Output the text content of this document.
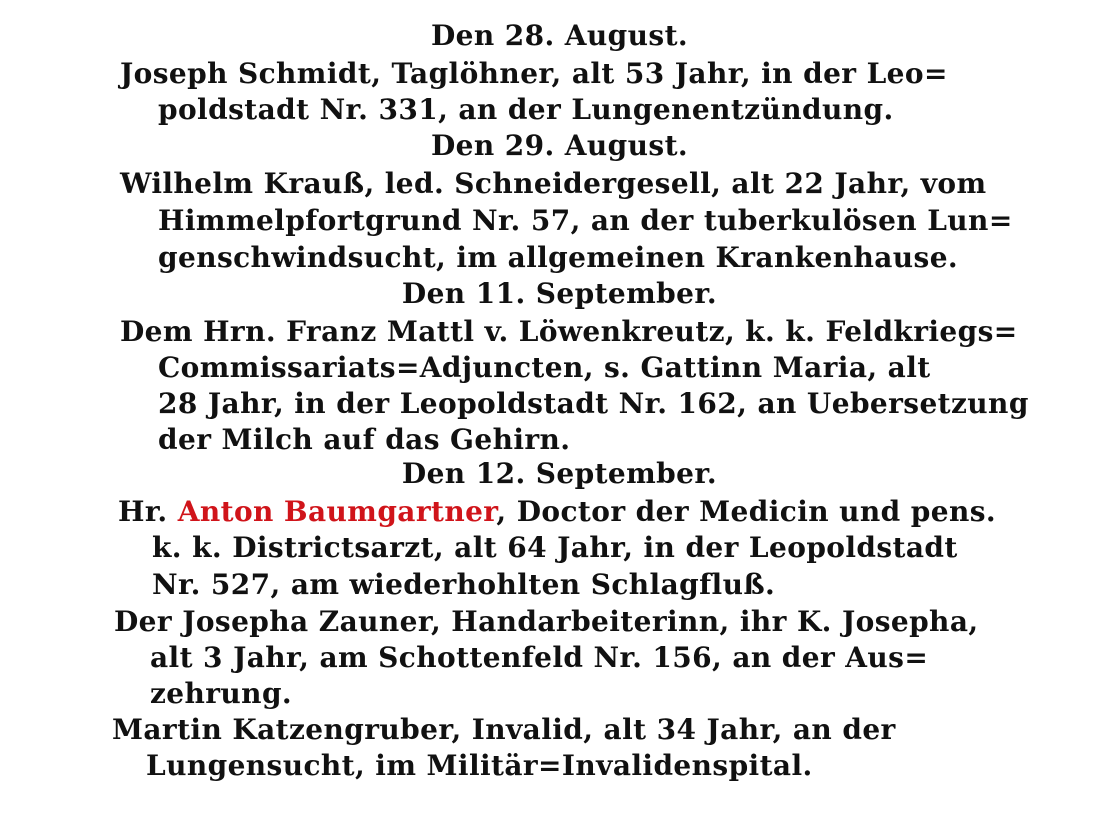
Den 28. August.
Joseph Schmidt, Taglöhner, alt 53 Jahr, in der Leo=
poldstadt Nr. 331, an der Lungenentzündung.
Den 29. August.
Wilhelm Krauß, led. Schneidergesell, alt 22 Jahr, vom
Himmelpfortgrund Nr. 57, an der tuberkulösen Lun=
genschwindsucht, im allgemeinen Krankenhause.
Den 11. September.
Dem Hrn. Franz Mattl v. Löwenkreutz, k. k. Feldkriegs=
Commissariats=Adjuncten, s. Gattinn Maria, alt
28 Jahr, in der Leopoldstadt Nr. 162, an Uebersetzung
der Milch auf das Gehirn.
Den 12. September.
Hr. Anton Baumgartner, Doctor der Medicin und pens.
k. k. Districtsarzt, alt 64 Jahr, in der Leopoldstadt
Nr. 527, am wiederhohlten Schlagfluß.
Der Josepha Zauner, Handarbeiterinn, ihr K. Josepha,
alt 3 Jahr, am Schottenfeld Nr. 156, an der Aus=
zehrung.
Martin Katzengruber, Invalid, alt 34 Jahr, an der
Lungensucht, im Militär=Invalidenspital.
